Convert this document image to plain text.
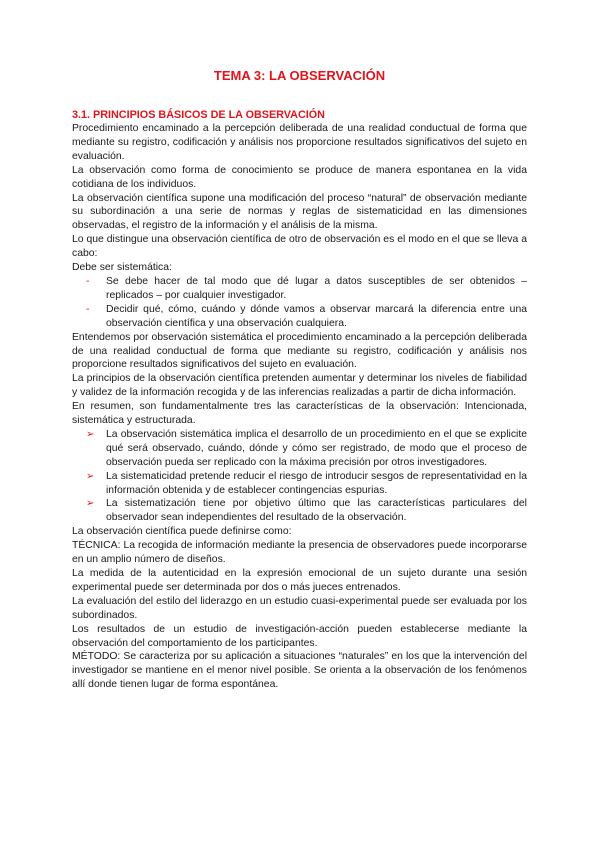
TEMA 3: LA OBSERVACIÓN
3.1. PRINCIPIOS BÁSICOS DE LA OBSERVACIÓN

Procedimiento encaminado a la percepción deliberada de una realidad conductual de forma que mediante su registro, codificación y análisis nos proporcione resultados significativos del sujeto en evaluación.

La observación como forma de conocimiento se produce de manera espontanea en la vida cotidiana de los individuos.

La observación científica supone una modificación del proceso “natural” de observación mediante su subordinación a una serie de normas y reglas de sistematicidad en las dimensiones observadas, el registro de la información y el análisis de la misma.

Lo que distingue una observación científica de otro de observación es el modo en el que se lleva a cabo:

Debe ser sistemática:

-	Se debe hacer de tal modo que dé lugar a datos susceptibles de ser obtenidos – replicados – por cualquier investigador.
-	Decidir qué, cómo, cuándo y dónde vamos a observar marcará la diferencia entre una observación científica y una observación cualquiera.

Entendemos por observación sistemática el procedimiento encaminado a la percepción deliberada de una realidad conductual de forma que mediante su registro, codificación y análisis nos proporcione resultados significativos del sujeto en evaluación.

La principios de la observación científica pretenden aumentar y determinar los niveles de fiabilidad y validez de la información recogida y de las inferencias realizadas a partir de dicha información.

En resumen, son fundamentalmente tres las características de la observación: Intencionada, sistemática y estructurada.

➢	La observación sistemática implica el desarrollo de un procedimiento en el que se explicite qué será observado, cuándo, dónde y cómo ser registrado, de modo que el proceso de observación pueda ser replicado con la máxima precisión por otros investigadores.
➢	La sistematicidad pretende reducir el riesgo de introducir sesgos de representatividad en la información obtenida y de establecer contingencias espurias.
➢	La sistematización tiene por objetivo último que las características particulares del observador sean independientes del resultado de la observación.

La observación científica puede definirse como:

TÉCNICA: La recogida de información mediante la presencia de observadores puede incorporarse en un amplio número de diseños.

La medida de la autenticidad en la expresión emocional de un sujeto durante una sesión experimental puede ser determinada por dos o más jueces entrenados.

La evaluación del estilo del liderazgo en un estudio cuasi-experimental puede ser evaluada por los subordinados.

Los resultados de un estudio de investigación-acción pueden establecerse mediante la observación del comportamiento de los participantes.

MÉTODO: Se caracteriza por su aplicación a situaciones “naturales” en los que la intervención del investigador se mantiene en el menor nivel posible. Se orienta a la observación de los fenómenos allí donde tienen lugar de forma espontánea.
